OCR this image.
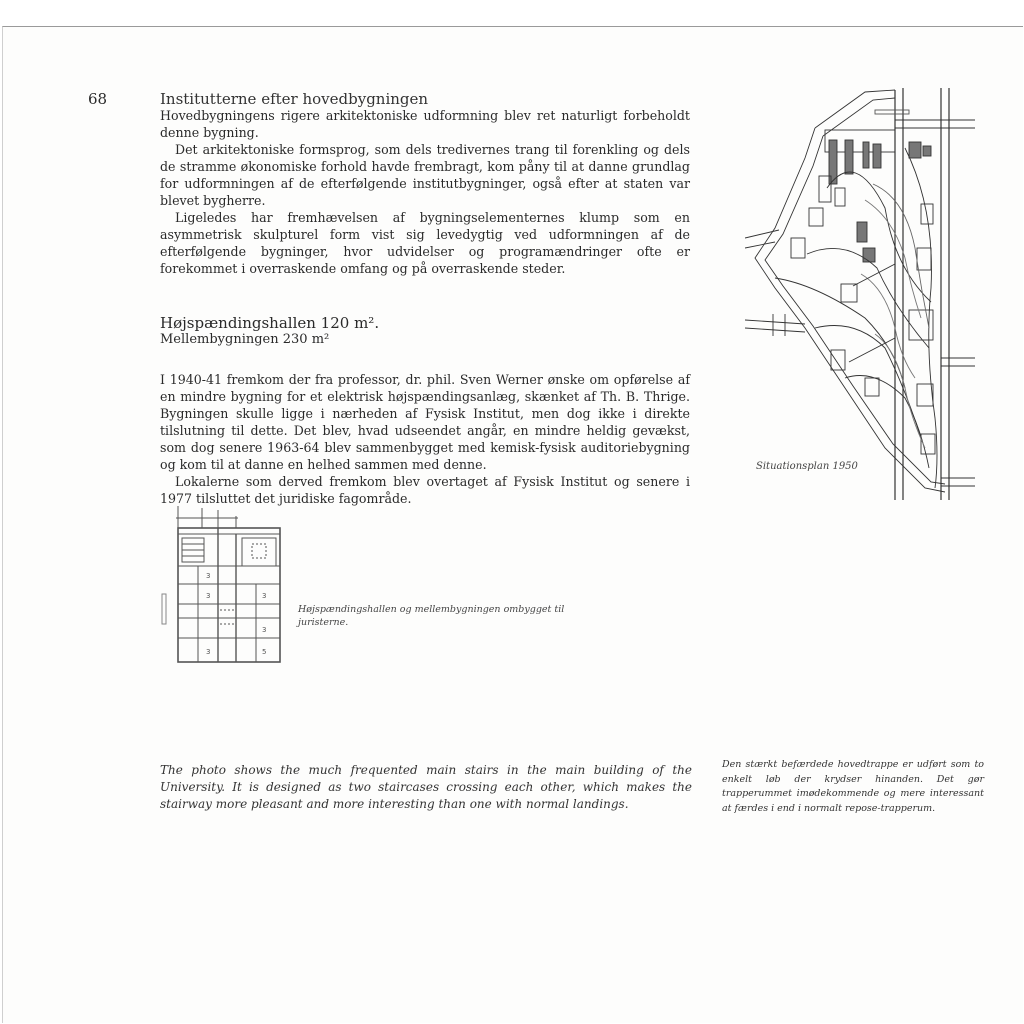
68	Institutterne efter hovedbygningen

Hovedbygningens rigere arkitektoniske udformning blev ret naturligt forbeholdt denne bygning.

Det arkitektoniske formsprog, som dels tredivernes trang til forenkling og dels de stramme økonomiske forhold havde frembragt, kom påny til at danne grundlag for udformningen af de efterfølgende institutbygninger, også efter at staten var blevet bygherre.

Ligeledes har fremhævelsen af bygningselementernes klump som en asymmetrisk skulpturel form vist sig levedygtig ved udformningen af de efterfølgende bygninger, hvor udvidelser og programændringer ofte er forekommet i overraskende omfang og på overraskende steder.

Højspændingshallen 120 m².
Mellembygningen 230 m²

I 1940-41 fremkom der fra professor, dr. phil. Sven Werner ønske om opførelse af en mindre bygning for et elektrisk højspændingsanlæg, skænket af Th. B. Thrige. Bygningen skulle ligge i nærheden af Fysisk Institut, men dog ikke i direkte tilslutning til dette. Det blev, hvad udseendet angår, en mindre heldig gevækst, som dog senere 1963-64 blev sammenbygget med kemisk-fysisk auditoriebygning og kom til at danne en helhed sammen med denne.

Lokalerne som derved fremkom blev overtaget af Fysisk Institut og senere i 1977 tilsluttet det juridiske fagområde.

3
3	3
3
5
3
Højspændingshallen og mellembygningen ombygget til juristerne.
Situationsplan 1950
The photo shows the much frequented main stairs in the main building of the University. It is designed as two staircases crossing each other, which makes the stairway more pleasant and more interesting than one with normal landings.
Den stærkt befærdede hovedtrappe er udført som to enkelt løb der krydser hinanden. Det gør trapperummet imødekommende og mere interessant at færdes i end i normalt repose-trapperum.
